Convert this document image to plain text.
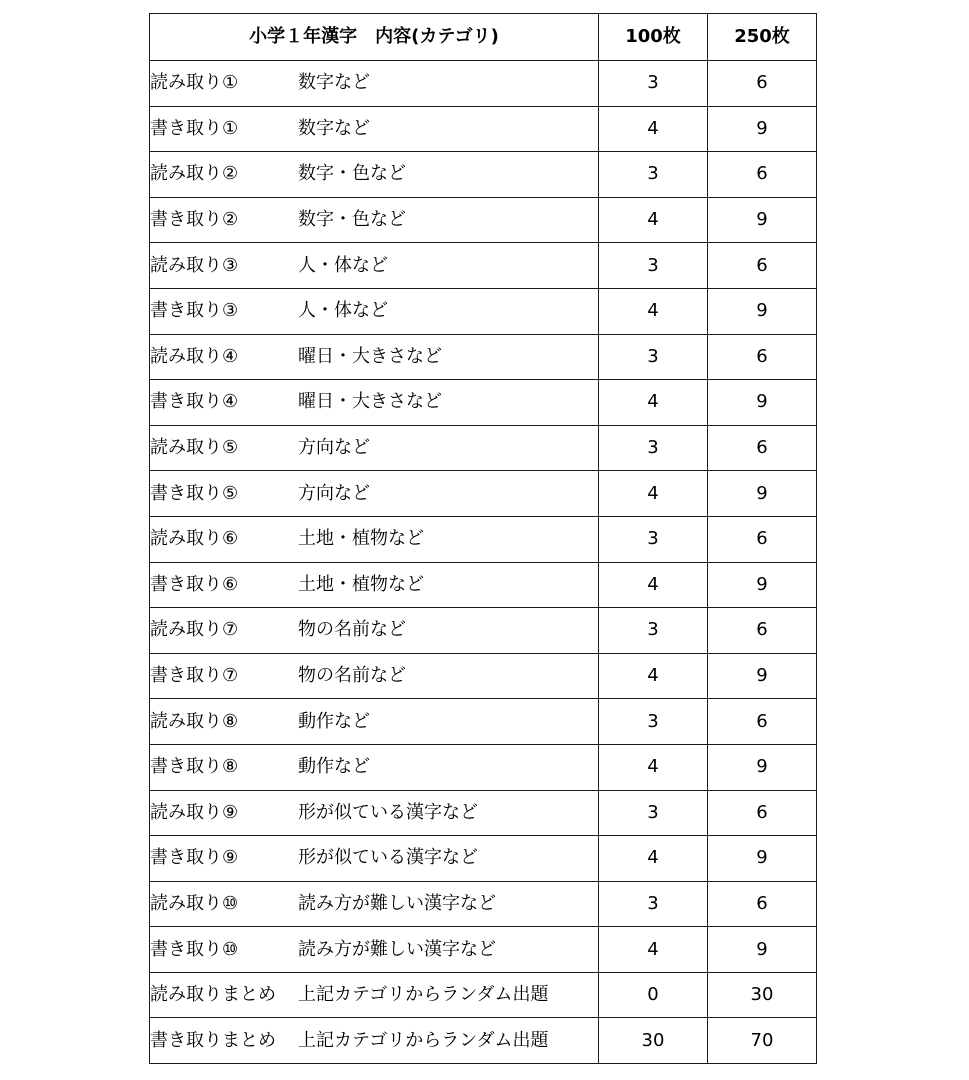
小学１年漢字　内容(カテゴリ)	100枚	250枚
読み取り① 数字など	3	6
書き取り① 数字など	4	9
読み取り② 数字・色など	3	6
書き取り② 数字・色など	4	9
読み取り③ 人・体など	3	6
書き取り③ 人・体など	4	9
読み取り④ 曜日・大きさなど	3	6
書き取り④ 曜日・大きさなど	4	9
読み取り⑤ 方向など	3	6
書き取り⑤ 方向など	4	9
読み取り⑥ 土地・植物など	3	6
書き取り⑥ 土地・植物など	4	9
読み取り⑦ 物の名前など	3	6
書き取り⑦ 物の名前など	4	9
読み取り⑧ 動作など	3	6
書き取り⑧ 動作など	4	9
読み取り⑨ 形が似ている漢字など	3	6
書き取り⑨ 形が似ている漢字など	4	9
読み取り⑩ 読み方が難しい漢字など	3	6
書き取り⑩ 読み方が難しい漢字など	4	9
読み取りまとめ 上記カテゴリからランダム出題	0	30
書き取りまとめ 上記カテゴリからランダム出題	30	70
